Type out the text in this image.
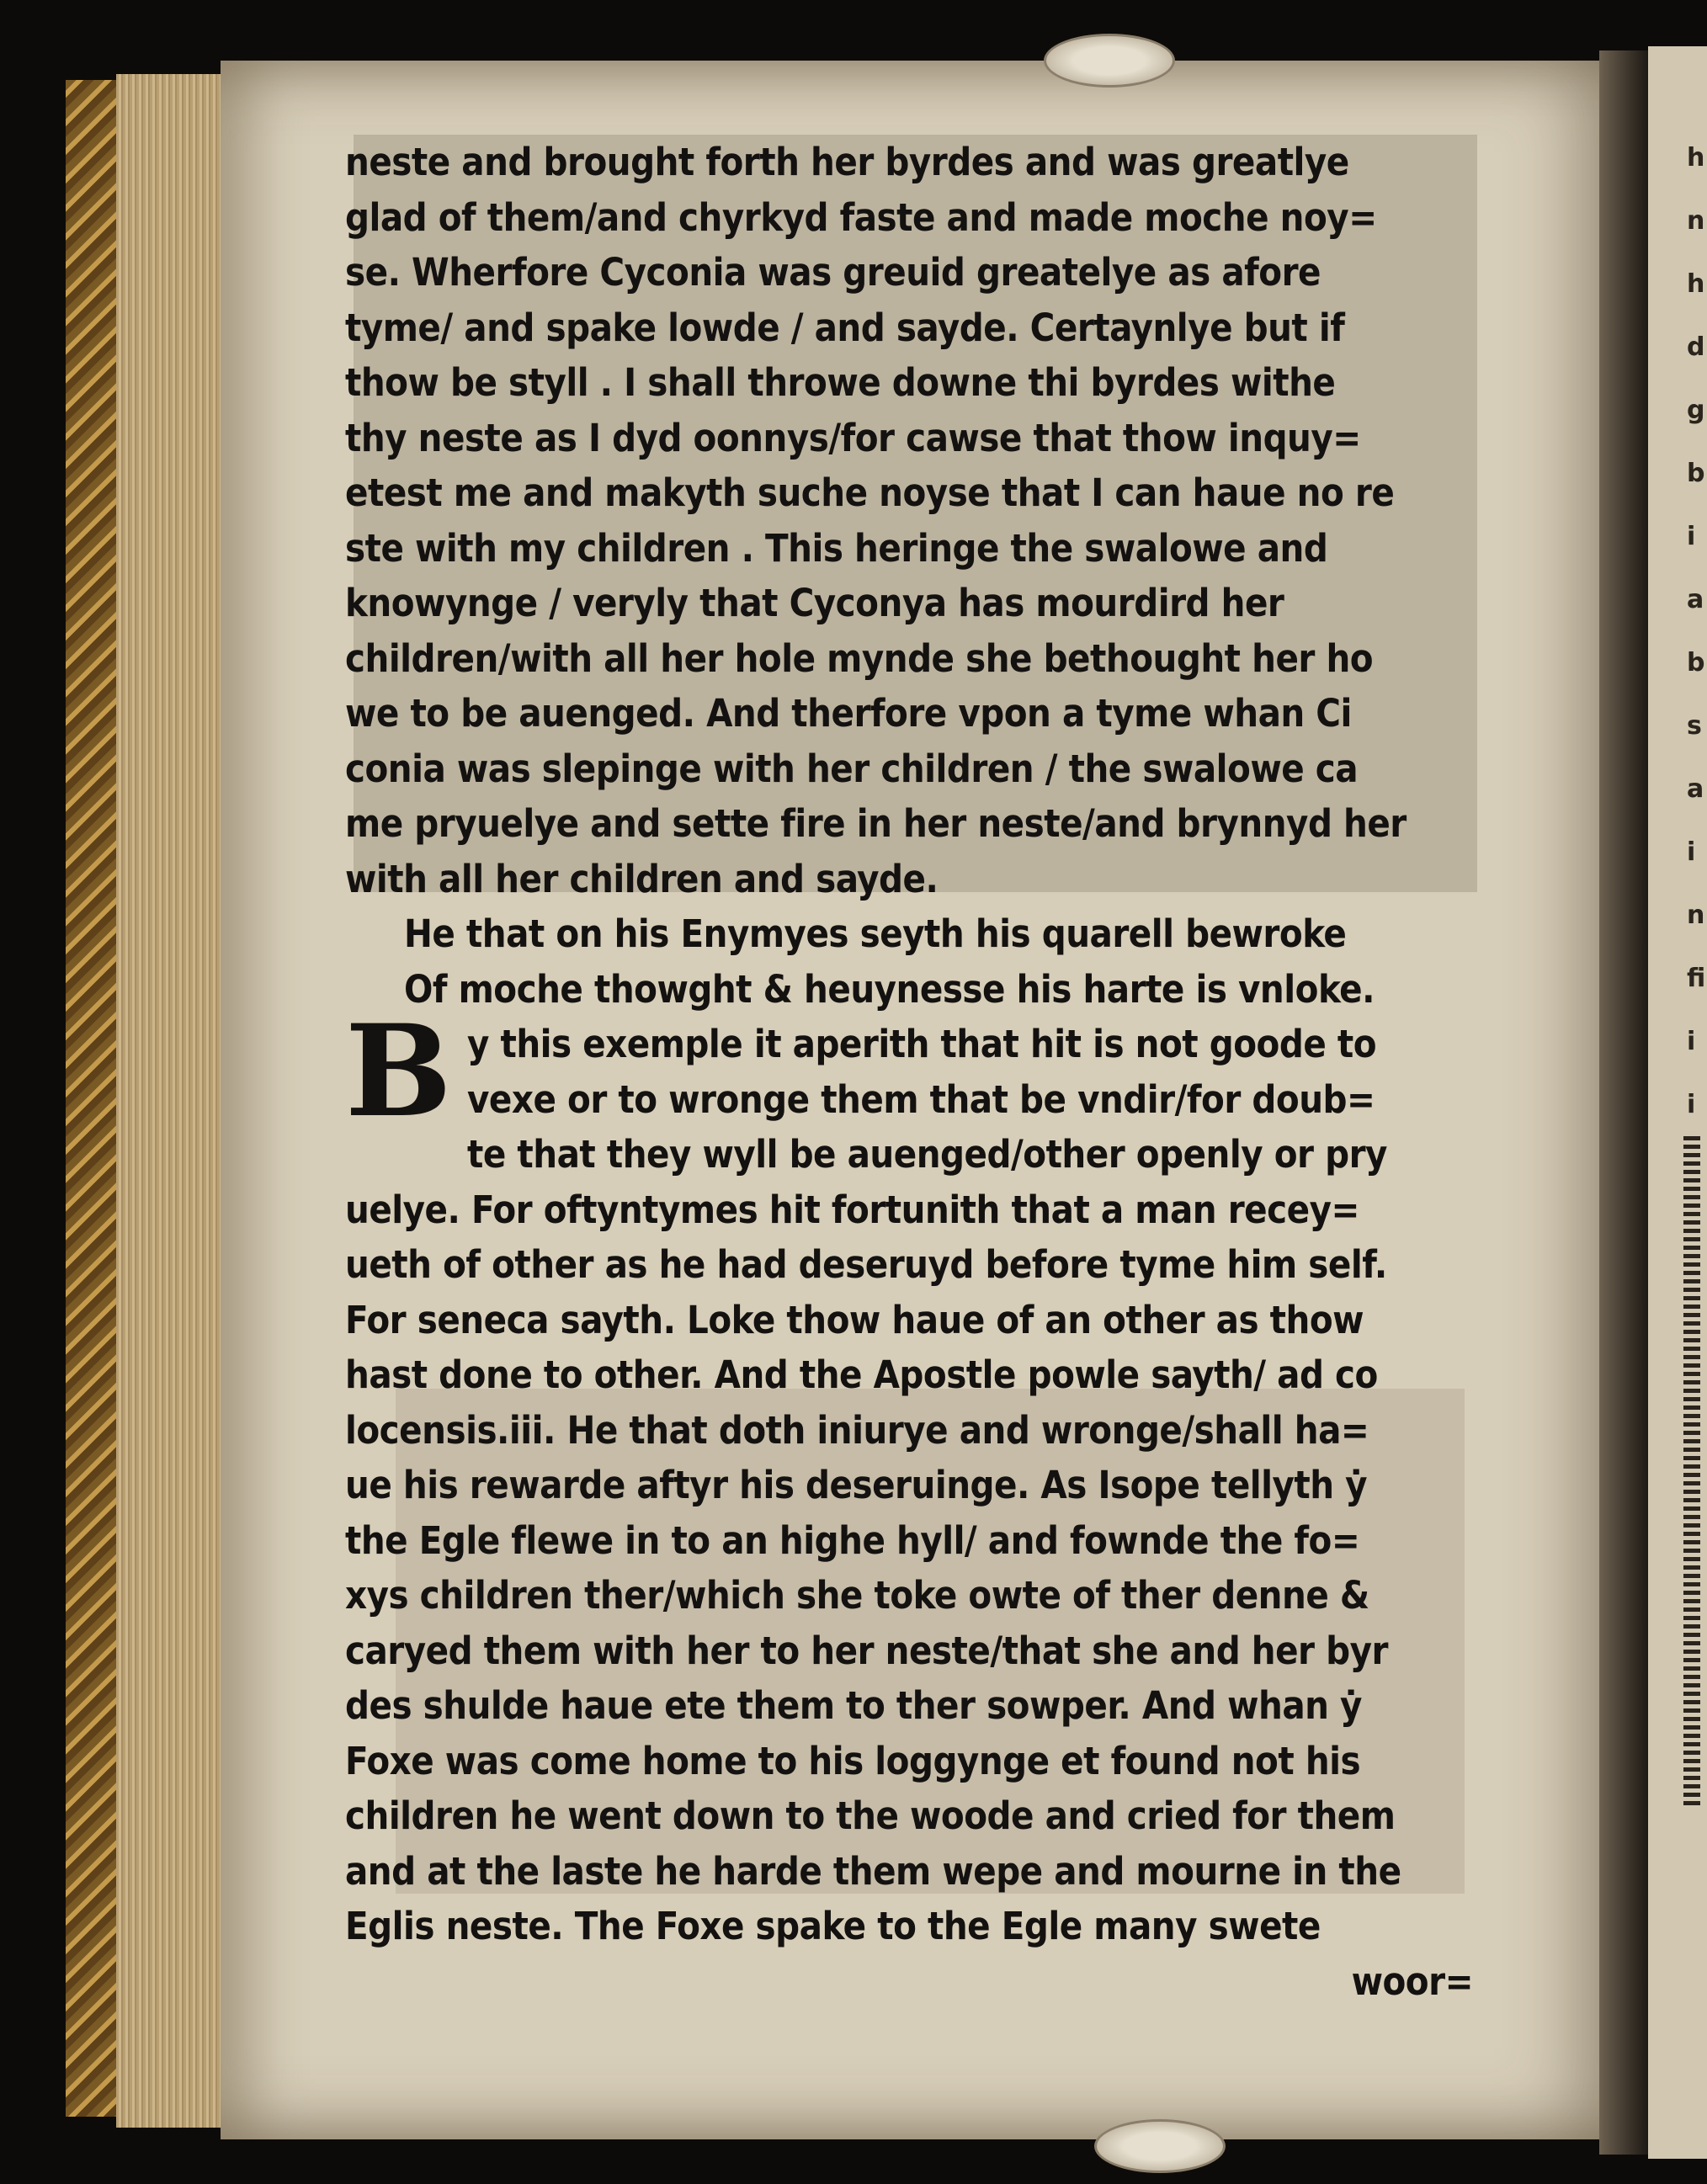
h
n
h
d
g
b
i
a
b
s
a
i
n
fi
i
i
neste and brought forth her byrdes and was greatlye
glad of them/and chyrkyd faste and made moche noy=
se. Wherfore Cyconia was greuid greatelye as afore
tyme/ and spake lowde / and sayde. Certaynlye but if
thow be styll . I shall throwe downe thi byrdes withe
thy neste as I dyd oonnys/for cawse that thow inquy=
etest me and makyth suche noyse that I can haue no re
ste with my children . This heringe the swalowe and
knowynge / veryly that Cyconya has mourdird her
children/with all her hole mynde she bethought her ho
we to be auenged. And therfore vpon a tyme whan Ci
conia was slepinge with her children / the swalowe ca
me pryuelye and sette fire in her neste/and brynnyd her
with all her children and sayde.
He that on his Enymyes seyth his quarell bewroke
Of moche thowght & heuynesse his harte is vnloke.
B y this exemple it aperith that hit is not goode to
vexe or to wronge them that be vndir/for doub=
te that they wyll be auenged/other openly or pry
uelye. For oftyntymes hit fortunith that a man recey=
ueth of other as he had deseruyd before tyme him self.
For seneca sayth. Loke thow haue of an other as thow
hast done to other. And the Apostle powle sayth/ ad co
locensis.iii. He that doth iniurye and wronge/shall ha=
ue his rewarde aftyr his deseruinge. As Isope tellyth ẏ
the Egle flewe in to an highe hyll/ and fownde the fo=
xys children ther/which she toke owte of ther denne &
caryed them with her to her neste/that she and her byr
des shulde haue ete them to ther sowper. And whan ẏ
Foxe was come home to his loggynge et found not his
children he went down to the woode and cried for them
and at the laste he harde them wepe and mourne in the
Eglis neste. The Foxe spake to the Egle many swete
woor=
